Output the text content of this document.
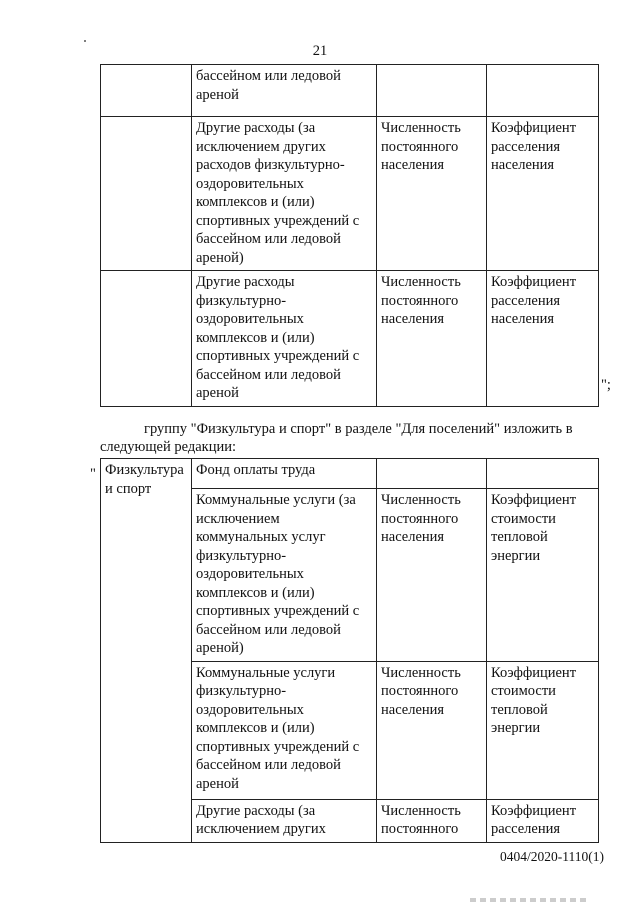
21
	бассейном или ледовой ареной		
	Другие расходы (за исключением других расходов физкультурно-оздоровительных комплексов и (или) спортивных учреждений с бассейном или ледовой ареной)	Численность постоянного населения	Коэффициент расселения населения
	Другие расходы физкультурно-оздоровительных комплексов и (или) спортивных учреждений с бассейном или ледовой ареной	Численность постоянного населения	Коэффициент расселения населения
";
группу "Физкультура и спорт" в разделе "Для поселений" изложить в
следующей редакции:
" Физкультура и спорт	Фонд оплаты труда		
	Коммунальные услуги (за исключением коммунальных услуг физкультурно-оздоровительных комплексов и (или) спортивных учреждений с бассейном или ледовой ареной)	Численность постоянного населения	Коэффициент стоимости тепловой энергии
	Коммунальные услуги физкультурно-оздоровительных комплексов и (или) спортивных учреждений с бассейном или ледовой ареной	Численность постоянного населения	Коэффициент стоимости тепловой энергии
	Другие расходы (за исключением других	Численность постоянного	Коэффициент расселения
0404/2020-1110(1)
